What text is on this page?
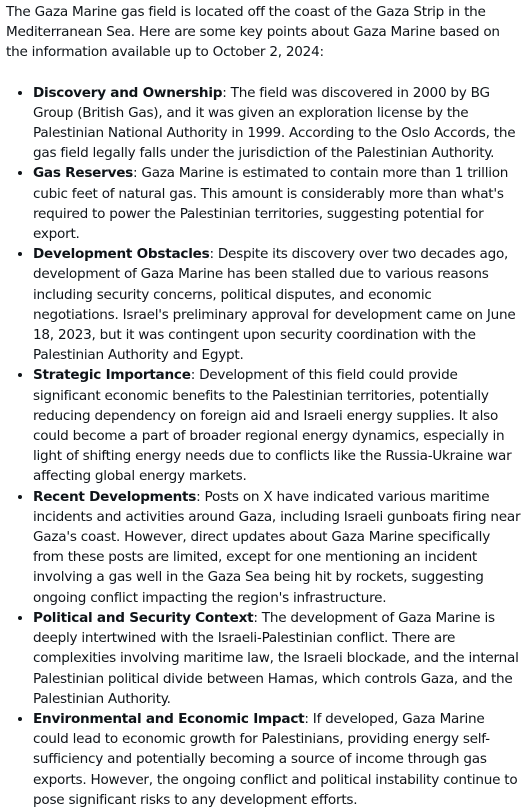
The Gaza Marine gas field is located off the coast of the Gaza Strip in the Mediterranean Sea. Here are some key points about Gaza Marine based on the information available up to October 2, 2024:

• Discovery and Ownership: The field was discovered in 2000 by BG Group (British Gas), and it was given an exploration license by the Palestinian National Authority in 1999. According to the Oslo Accords, the gas field legally falls under the jurisdiction of the Palestinian Authority.
• Gas Reserves: Gaza Marine is estimated to contain more than 1 trillion cubic feet of natural gas. This amount is considerably more than what's required to power the Palestinian territories, suggesting potential for export.
• Development Obstacles: Despite its discovery over two decades ago, development of Gaza Marine has been stalled due to various reasons including security concerns, political disputes, and economic negotiations. Israel's preliminary approval for development came on June 18, 2023, but it was contingent upon security coordination with the Palestinian Authority and Egypt.
• Strategic Importance: Development of this field could provide significant economic benefits to the Palestinian territories, potentially reducing dependency on foreign aid and Israeli energy supplies. It also could become a part of broader regional energy dynamics, especially in light of shifting energy needs due to conflicts like the Russia-Ukraine war affecting global energy markets.
• Recent Developments: Posts on X have indicated various maritime incidents and activities around Gaza, including Israeli gunboats firing near Gaza's coast. However, direct updates about Gaza Marine specifically from these posts are limited, except for one mentioning an incident involving a gas well in the Gaza Sea being hit by rockets, suggesting ongoing conflict impacting the region's infrastructure.
• Political and Security Context: The development of Gaza Marine is deeply intertwined with the Israeli-Palestinian conflict. There are complexities involving maritime law, the Israeli blockade, and the internal Palestinian political divide between Hamas, which controls Gaza, and the Palestinian Authority.
• Environmental and Economic Impact: If developed, Gaza Marine could lead to economic growth for Palestinians, providing energy self-sufficiency and potentially becoming a source of income through gas exports. However, the ongoing conflict and political instability continue to pose significant risks to any development efforts.
